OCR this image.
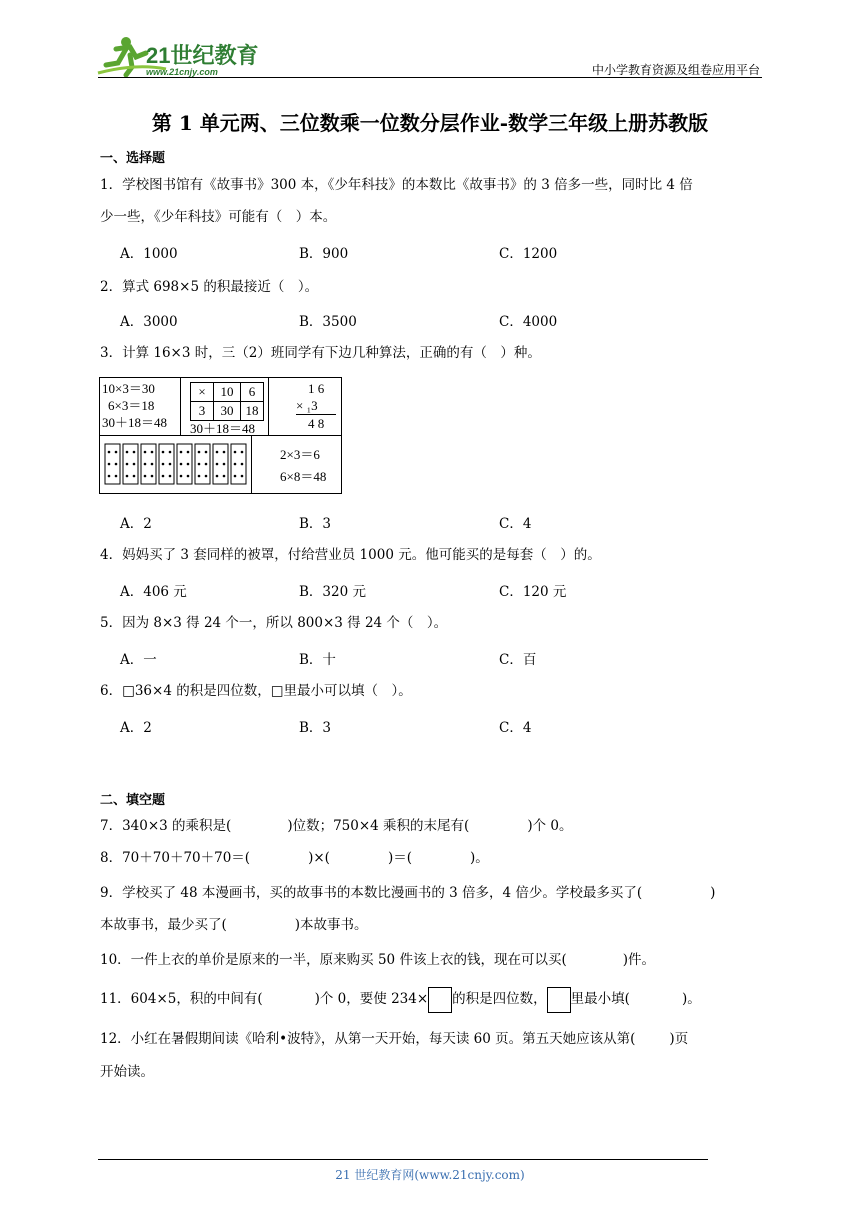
21世纪教育
www.21cnjy.com	中小学教育资源及组卷应用平台
第 1 单元两、三位数乘一位数分层作业-数学三年级上册苏教版
一、选择题
1．学校图书馆有《故事书》300 本，《少年科技》的本数比《故事书》的 3 倍多一些，同时比 4 倍
少一些，《少年科技》可能有（　）本。
A．1000	B．900	C．1200
2．算式 698×5 的积最接近（　）。
A．3000	B．3500	C．4000
3．计算 16×3 时，三（2）班同学有下边几种算法，正确的有（　）种。
10×3＝30
6×3＝18
30＋18＝48
×	10	6
3	30	18
30＋18＝48
1 6
× ₁3
4 8
2×3＝6
6×8＝48
A．2	B．3	C．4
4．妈妈买了 3 套同样的被罩，付给营业员 1000 元。他可能买的是每套（　）的。
A．406 元	B．320 元	C．120 元
5．因为 8×3 得 24 个一，所以 800×3 得 24 个（　）。
A．一	B．十	C．百
6．□36×4 的积是四位数，□里最小可以填（　）。
A．2	B．3	C．4
二、填空题
7．340×3 的乘积是(	)位数；750×4 乘积的末尾有(	)个 0。
8．70＋70＋70＋70＝(	)×(	)＝(	)。
9．学校买了 48 本漫画书，买的故事书的本数比漫画书的 3 倍多，4 倍少。学校最多买了(	)
本故事书，最少买了(	)本故事书。
10．一件上衣的单价是原来的一半，原来购买 50 件该上衣的钱，现在可以买(	)件。
11．604×5，积的中间有(	)个 0，要使 234× 的积是四位数， 里最小填(	)。
12．小红在暑假期间读《哈利•波特》，从第一天开始，每天读 60 页。第五天她应该从第(	)页
开始读。
21 世纪教育网(www.21cnjy.com)
